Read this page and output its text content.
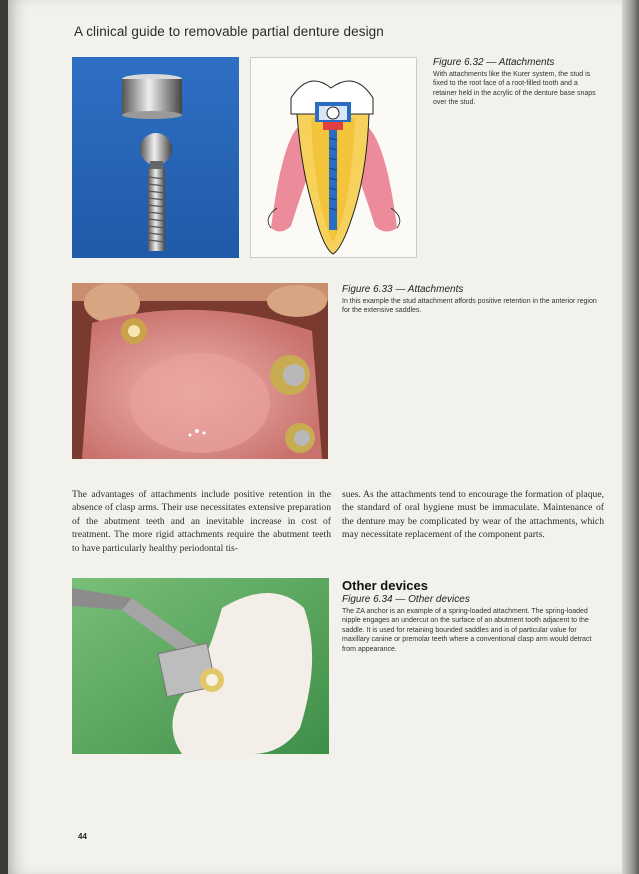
A clinical guide to removable partial denture design

Figure 6.32 — Attachments

With attachments like the Kurer system, the stud is fixed to the root face of a root-filled tooth and a retainer held in the acrylic of the denture base snaps over the stud.

Figure 6.33 — Attachments

In this example the stud attachment affords positive retention in the anterior region for the extensive saddles.

The advantages of attachments include positive retention in the absence of clasp arms. Their use necessitates extensive preparation of the abutment teeth and an inevitable increase in cost of treatment. The more rigid attachments require the abutment teeth to have particularly healthy periodontal tis-

sues. As the attachments tend to encourage the formation of plaque, the standard of oral hygiene must be immaculate. Maintenance of the denture may be complicated by wear of the attachments, which may necessitate replacement of the component parts.

Other devices

Figure 6.34 — Other devices

The ZA anchor is an example of a spring-loaded attachment. The spring-loaded nipple engages an undercut on the surface of an abutment tooth adjacent to the saddle. It is used for retaining bounded saddles and is of particular value for maxillary canine or premolar teeth where a conventional clasp arm would detract from appearance.

44
